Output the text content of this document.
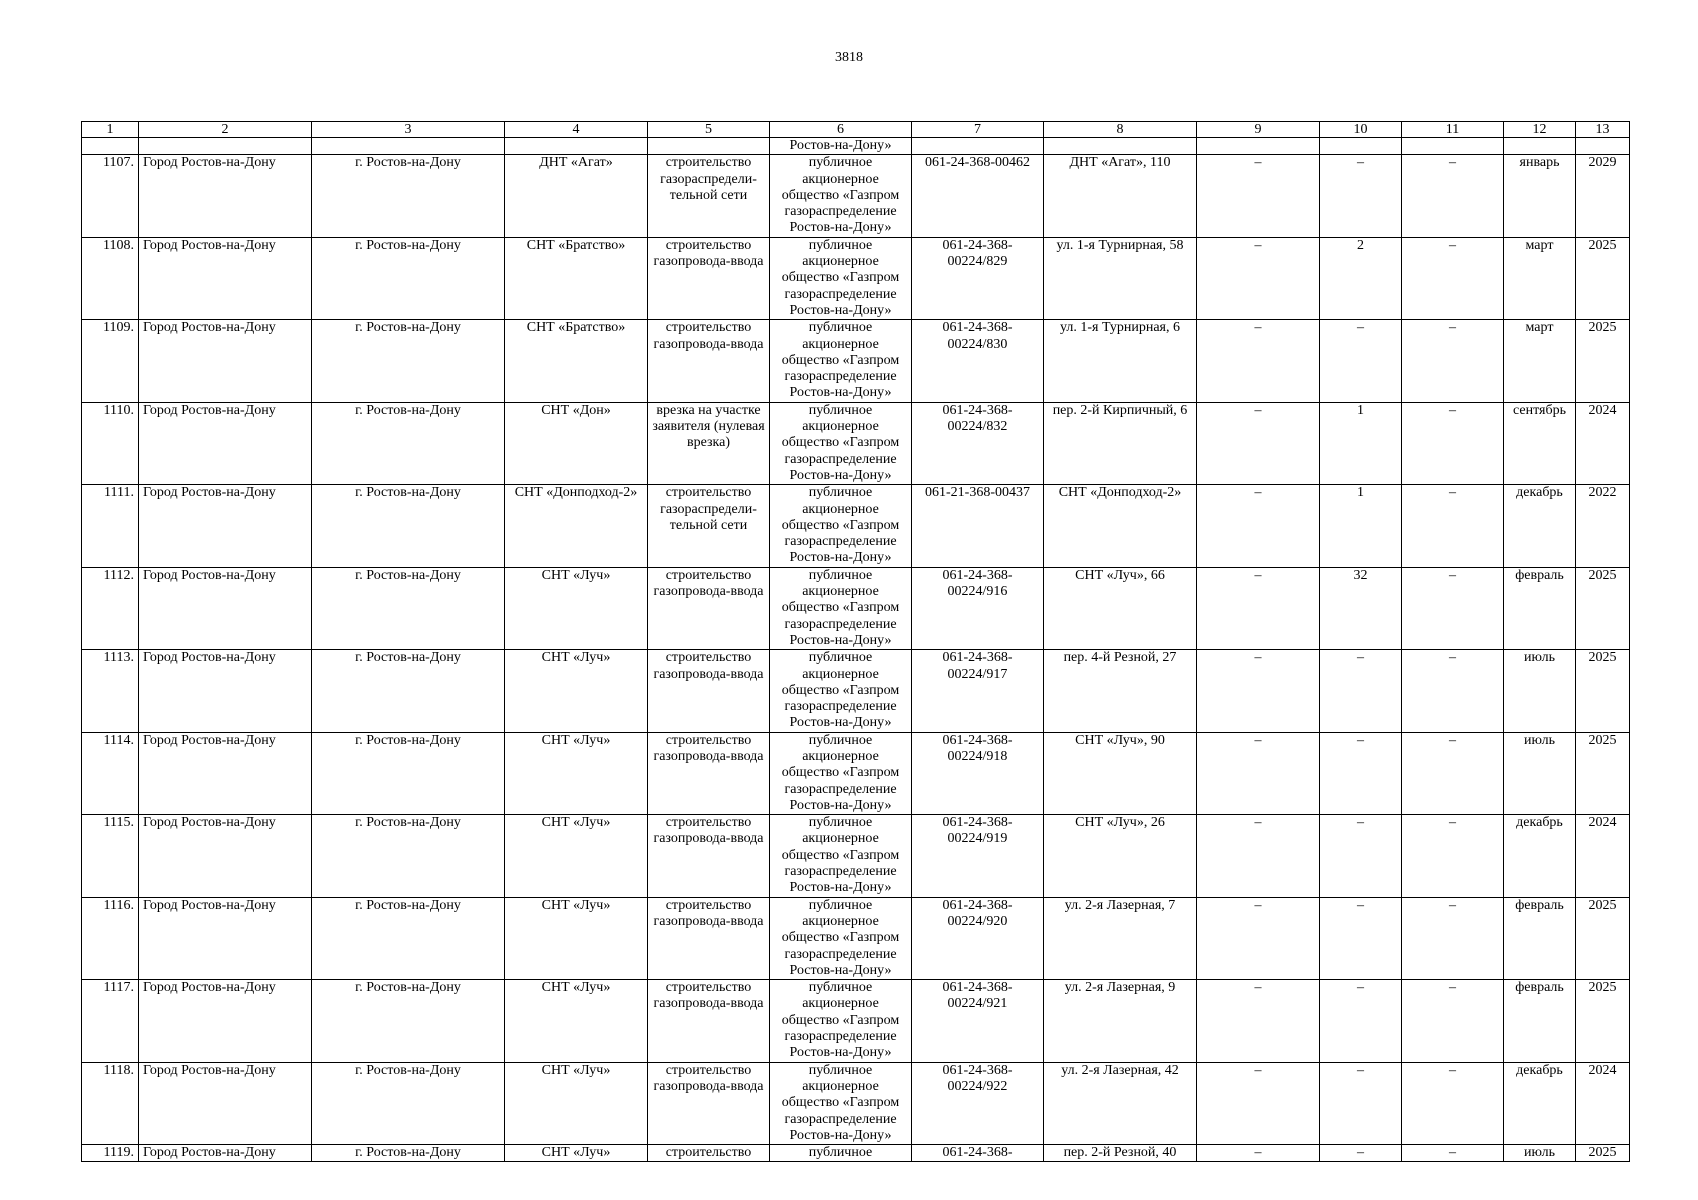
3818
1	2	3	4	5	6	7	8	9	10	11	12	13
					Ростов-на-Дону»							
1107.	Город Ростов-на-Дону	г. Ростов-на-Дону	ДНТ «Агат»	строительство газораспредели-тельной сети	публичное акционерное общество «Газпром газораспределение Ростов-на-Дону»	061-24-368-00462	ДНТ «Агат», 110	–	–	–	январь	2029
1108.	Город Ростов-на-Дону	г. Ростов-на-Дону	СНТ «Братство»	строительство газопровода-ввода	публичное акционерное общество «Газпром газораспределение Ростов-на-Дону»	061-24-368-00224/829	ул. 1-я Турнирная, 58	–	2	–	март	2025
1109.	Город Ростов-на-Дону	г. Ростов-на-Дону	СНТ «Братство»	строительство газопровода-ввода	публичное акционерное общество «Газпром газораспределение Ростов-на-Дону»	061-24-368-00224/830	ул. 1-я Турнирная, 6	–	–	–	март	2025
1110.	Город Ростов-на-Дону	г. Ростов-на-Дону	СНТ «Дон»	врезка на участке заявителя (нулевая врезка)	публичное акционерное общество «Газпром газораспределение Ростов-на-Дону»	061-24-368-00224/832	пер. 2-й Кирпичный, 6	–	1	–	сентябрь	2024
1111.	Город Ростов-на-Дону	г. Ростов-на-Дону	СНТ «Донподход-2»	строительство газораспредели-тельной сети	публичное акционерное общество «Газпром газораспределение Ростов-на-Дону»	061-21-368-00437	СНТ «Донподход-2»	–	1	–	декабрь	2022
1112.	Город Ростов-на-Дону	г. Ростов-на-Дону	СНТ «Луч»	строительство газопровода-ввода	публичное акционерное общество «Газпром газораспределение Ростов-на-Дону»	061-24-368-00224/916	СНТ «Луч», 66	–	32	–	февраль	2025
1113.	Город Ростов-на-Дону	г. Ростов-на-Дону	СНТ «Луч»	строительство газопровода-ввода	публичное акционерное общество «Газпром газораспределение Ростов-на-Дону»	061-24-368-00224/917	пер. 4-й Резной, 27	–	–	–	июль	2025
1114.	Город Ростов-на-Дону	г. Ростов-на-Дону	СНТ «Луч»	строительство газопровода-ввода	публичное акционерное общество «Газпром газораспределение Ростов-на-Дону»	061-24-368-00224/918	СНТ «Луч», 90	–	–	–	июль	2025
1115.	Город Ростов-на-Дону	г. Ростов-на-Дону	СНТ «Луч»	строительство газопровода-ввода	публичное акционерное общество «Газпром газораспределение Ростов-на-Дону»	061-24-368-00224/919	СНТ «Луч», 26	–	–	–	декабрь	2024
1116.	Город Ростов-на-Дону	г. Ростов-на-Дону	СНТ «Луч»	строительство газопровода-ввода	публичное акционерное общество «Газпром газораспределение Ростов-на-Дону»	061-24-368-00224/920	ул. 2-я Лазерная, 7	–	–	–	февраль	2025
1117.	Город Ростов-на-Дону	г. Ростов-на-Дону	СНТ «Луч»	строительство газопровода-ввода	публичное акционерное общество «Газпром газораспределение Ростов-на-Дону»	061-24-368-00224/921	ул. 2-я Лазерная, 9	–	–	–	февраль	2025
1118.	Город Ростов-на-Дону	г. Ростов-на-Дону	СНТ «Луч»	строительство газопровода-ввода	публичное акционерное общество «Газпром газораспределение Ростов-на-Дону»	061-24-368-00224/922	ул. 2-я Лазерная, 42	–	–	–	декабрь	2024
1119.	Город Ростов-на-Дону	г. Ростов-на-Дону	СНТ «Луч»	строительство	публичное	061-24-368-	пер. 2-й Резной, 40	–	–	–	июль	2025
